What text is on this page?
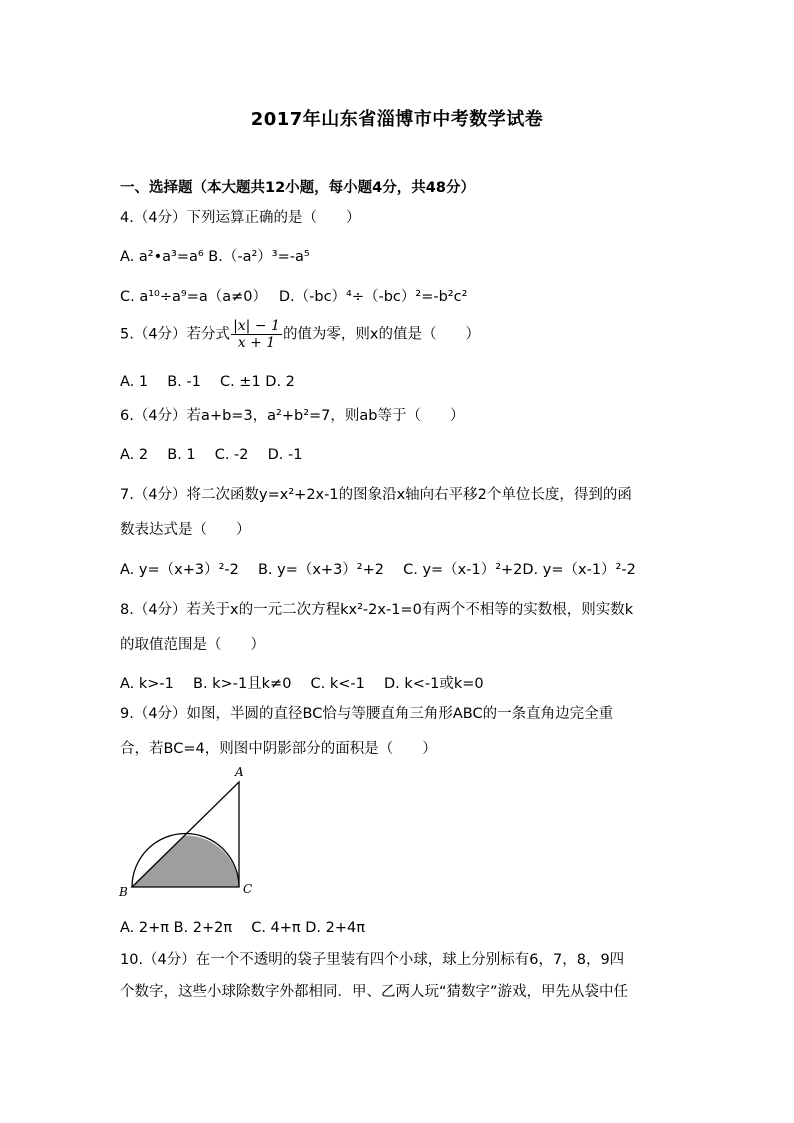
2017年山东省淄博市中考数学试卷
一、选择题（本大题共12小题，每小题4分，共48分）
4.（4分）下列运算正确的是（　　）
A. a²•a³=a⁶ B.（-a²）³=-a⁵
C. a¹⁰÷a⁹=a（a≠0）　 D.（-bc）⁴÷（-bc）²=-b²c²
5.（4分）若分式 $\frac{|x| - 1}{x + 1}$ 的值为零，则x的值是（　　）
A. 1　 B. -1　 C. ±1 D. 2
6.（4分）若a+b=3，a²+b²=7，则ab等于（　　）
A. 2　 B. 1　 C. -2　 D. -1
7.（4分）将二次函数y=x²+2x-1的图象沿x轴向右平移2个单位长度，得到的函
数表达式是（　　）
A. y=（x+3）²-2　 B. y=（x+3）²+2　 C. y=（x-1）²+2D. y=（x-1）²-2
8.（4分）若关于x的一元二次方程kx²-2x-1=0有两个不相等的实数根，则实数k
的取值范围是（　　）
A. k>-1　 B. k>-1且k≠0　 C. k<-1　 D. k<-1或k=0
9.（4分）如图，半圆的直径BC恰与等腰直角三角形ABC的一条直角边完全重
合，若BC=4，则图中阴影部分的面积是（　　）
A
B	C
A. 2+π B. 2+2π　 C. 4+π D. 2+4π
10.（4分）在一个不透明的袋子里装有四个小球，球上分别标有6，7，8，9四
个数字，这些小球除数字外都相同．甲、乙两人玩“猜数字”游戏，甲先从袋中任
